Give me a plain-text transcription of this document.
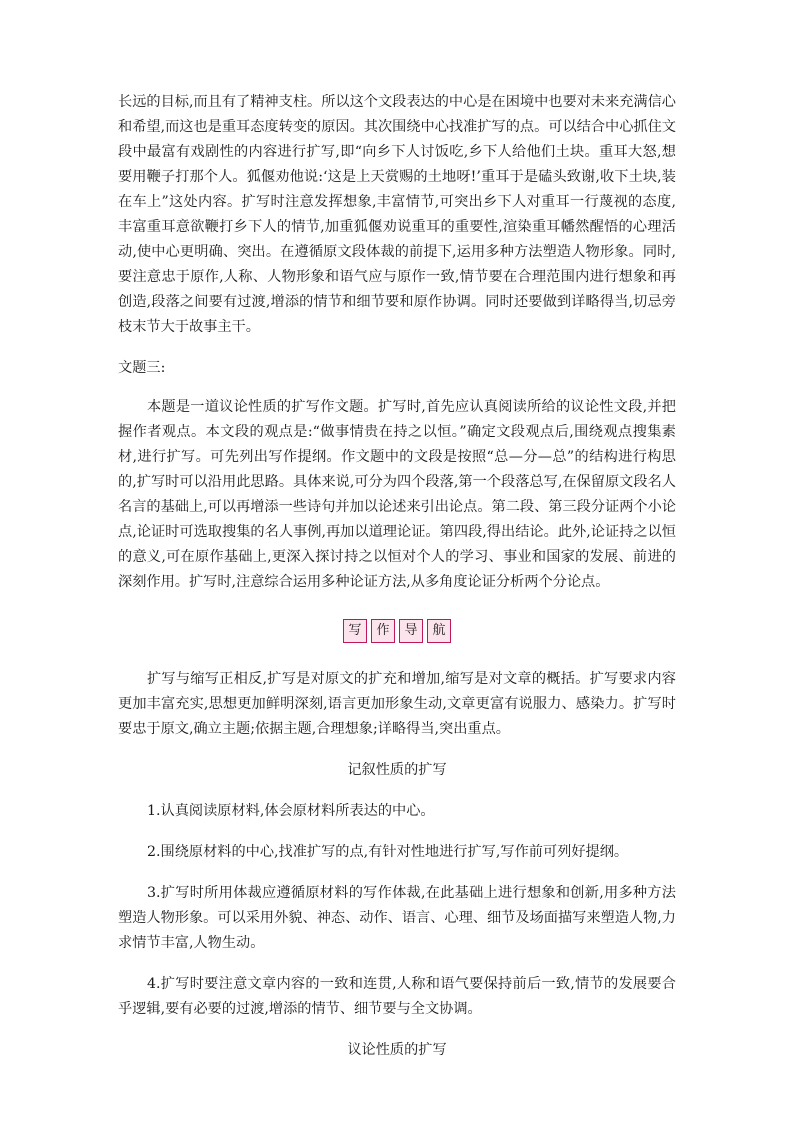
长远的目标,而且有了精神支柱。所以这个文段表达的中心是在困境中也要对未来充满信心和希望,而这也是重耳态度转变的原因。其次围绕中心找准扩写的点。可以结合中心抓住文段中最富有戏剧性的内容进行扩写,即“向乡下人讨饭吃,乡下人给他们土块。重耳大怒,想要用鞭子打那个人。狐偃劝他说:‘这是上天赏赐的土地呀!’重耳于是磕头致谢,收下土块,装在车上”这处内容。扩写时注意发挥想象,丰富情节,可突出乡下人对重耳一行蔑视的态度,丰富重耳意欲鞭打乡下人的情节,加重狐偃劝说重耳的重要性,渲染重耳幡然醒悟的心理活动,使中心更明确、突出。在遵循原文段体裁的前提下,运用多种方法塑造人物形象。同时,要注意忠于原作,人称、人物形象和语气应与原作一致,情节要在合理范围内进行想象和再创造,段落之间要有过渡,增添的情节和细节要和原作协调。同时还要做到详略得当,切忌旁枝末节大于故事主干。

文题三:

本题是一道议论性质的扩写作文题。扩写时,首先应认真阅读所给的议论性文段,并把握作者观点。本文段的观点是:“做事情贵在持之以恒。”确定文段观点后,围绕观点搜集素材,进行扩写。可先列出写作提纲。作文题中的文段是按照“总—分—总”的结构进行构思的,扩写时可以沿用此思路。具体来说,可分为四个段落,第一个段落总写,在保留原文段名人名言的基础上,可以再增添一些诗句并加以论述来引出论点。第二段、第三段分证两个小论点,论证时可选取搜集的名人事例,再加以道理论证。第四段,得出结论。此外,论证持之以恒的意义,可在原作基础上,更深入探讨持之以恒对个人的学习、事业和国家的发展、前进的深刻作用。扩写时,注意综合运用多种论证方法,从多角度论证分析两个分论点。

写	作	导	航

扩写与缩写正相反,扩写是对原文的扩充和增加,缩写是对文章的概括。扩写要求内容更加丰富充实,思想更加鲜明深刻,语言更加形象生动,文章更富有说服力、感染力。扩写时要忠于原文,确立主题;依据主题,合理想象;详略得当,突出重点。

记叙性质的扩写

1.认真阅读原材料,体会原材料所表达的中心。

2.围绕原材料的中心,找准扩写的点,有针对性地进行扩写,写作前可列好提纲。

3.扩写时所用体裁应遵循原材料的写作体裁,在此基础上进行想象和创新,用多种方法塑造人物形象。可以采用外貌、神态、动作、语言、心理、细节及场面描写来塑造人物,力求情节丰富,人物生动。

4.扩写时要注意文章内容的一致和连贯,人称和语气要保持前后一致,情节的发展要合乎逻辑,要有必要的过渡,增添的情节、细节要与全文协调。

议论性质的扩写
